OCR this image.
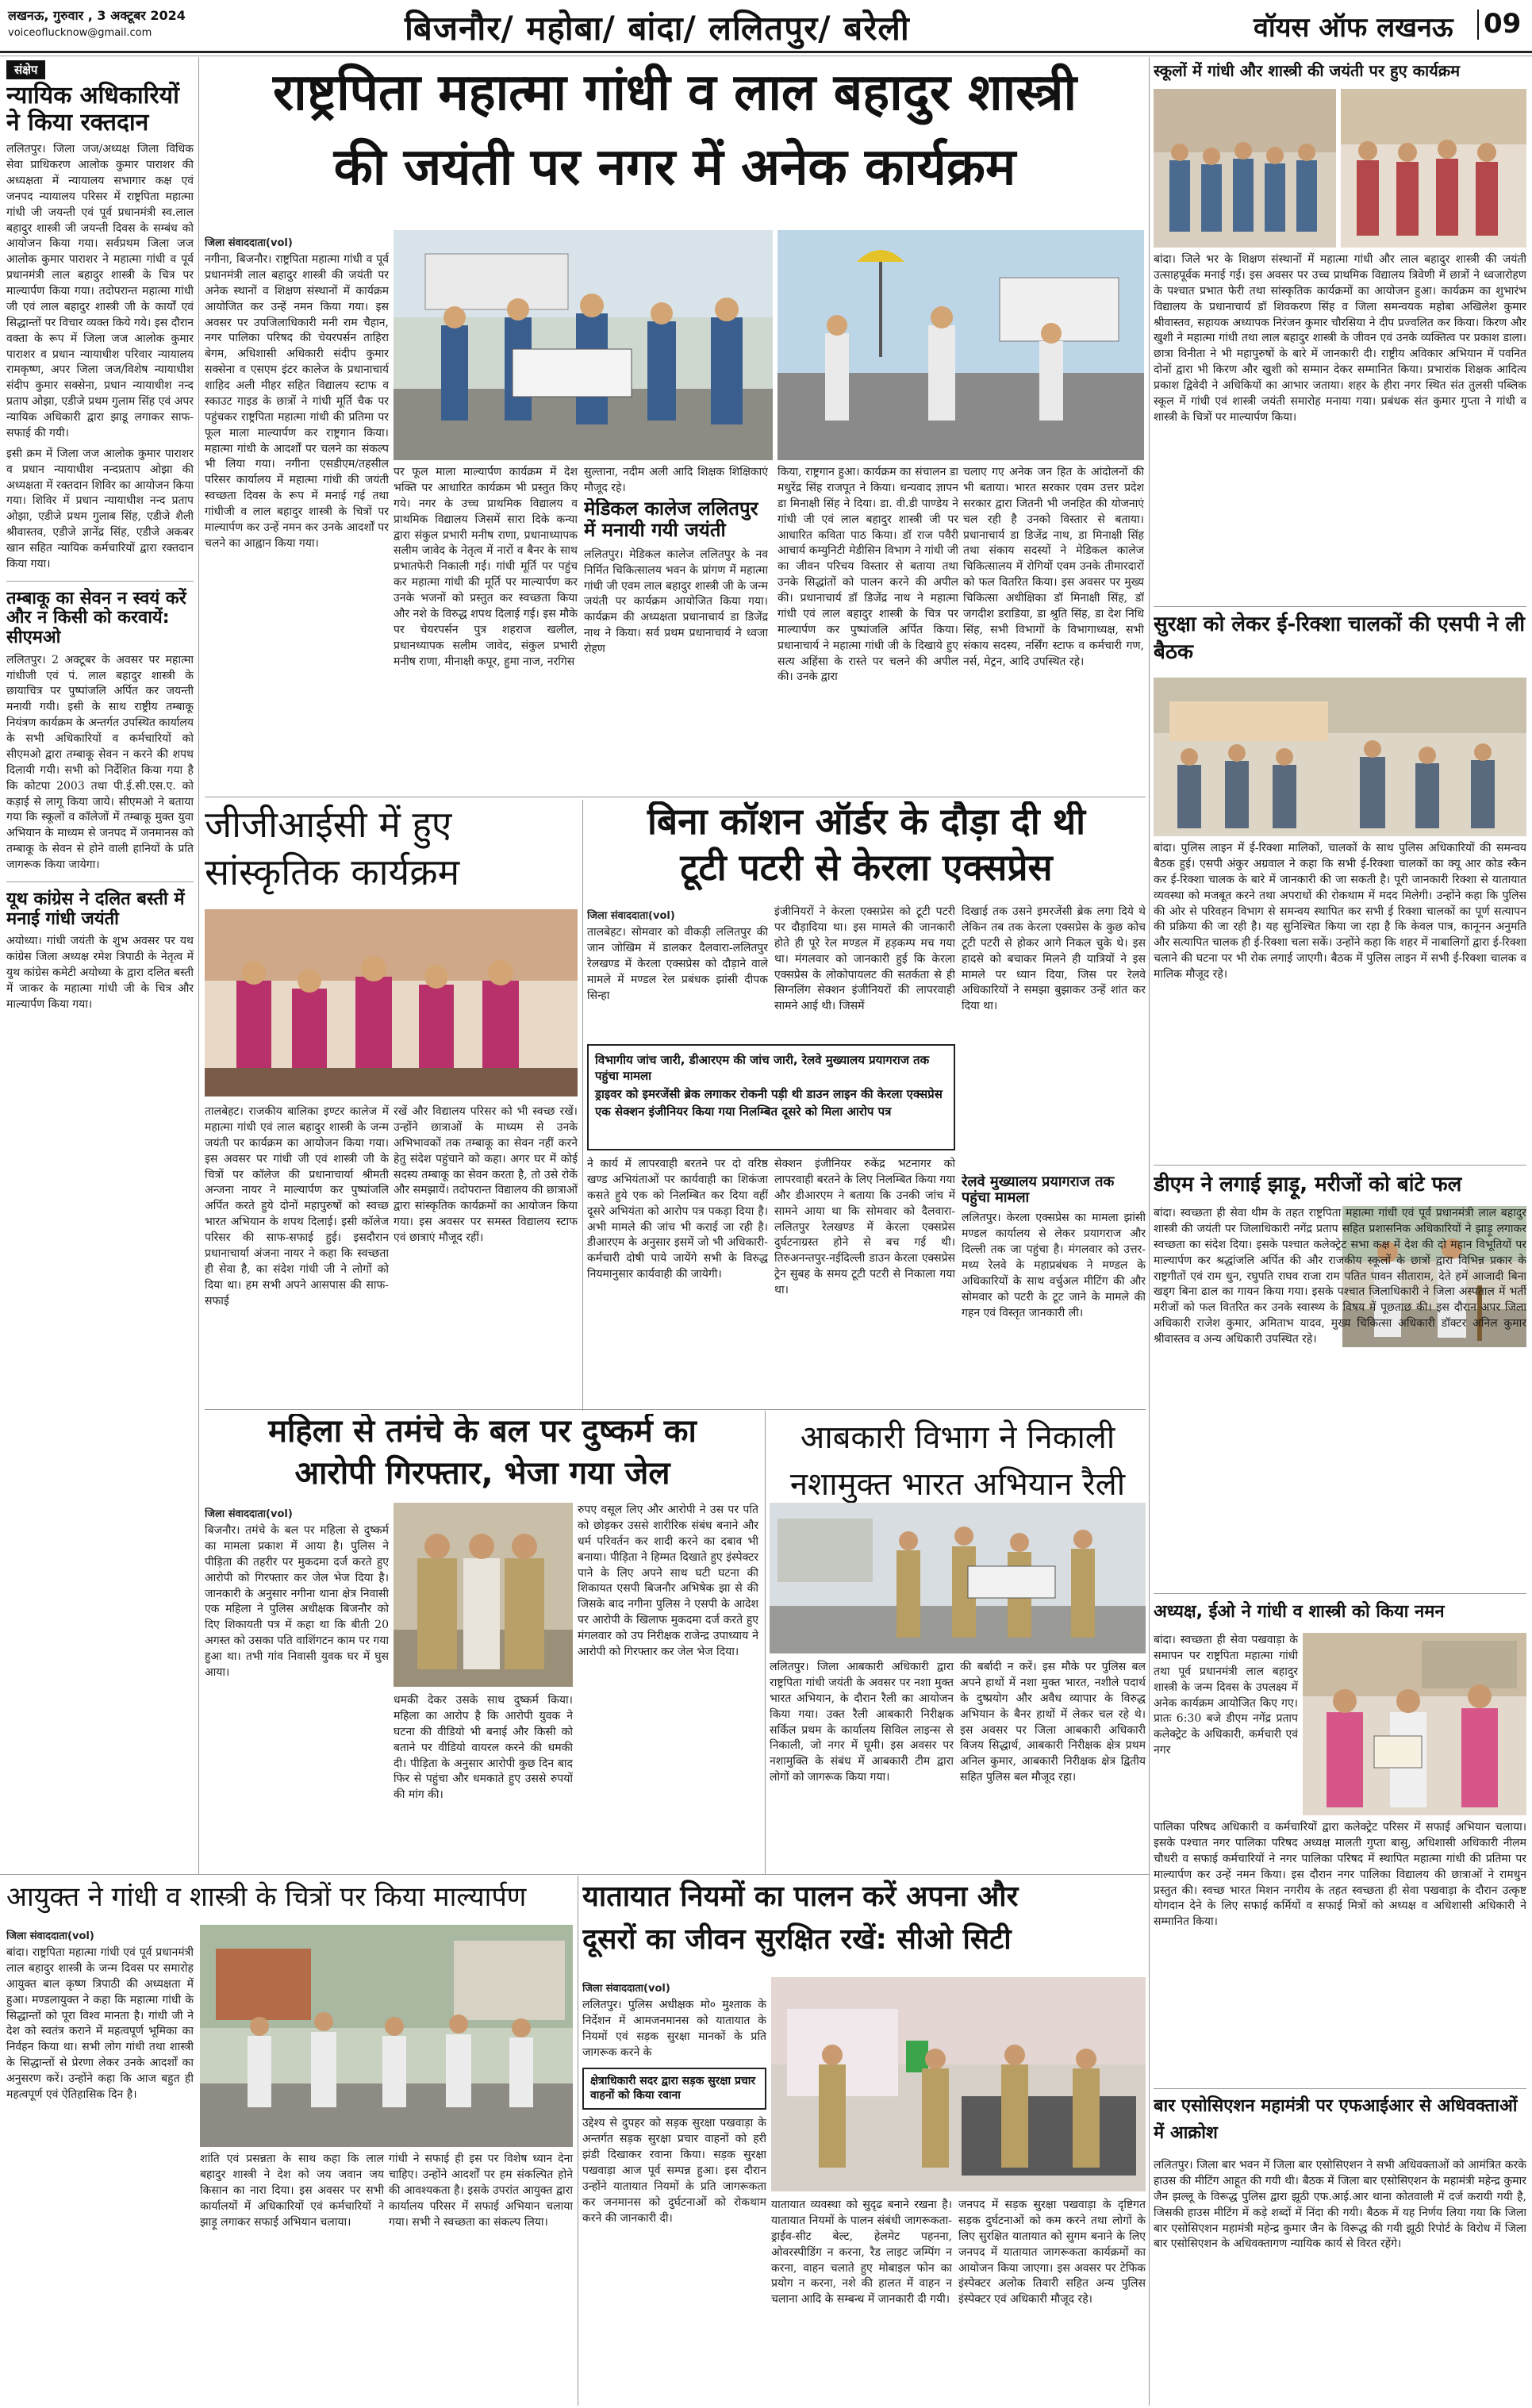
लखनऊ, गुरुवार , 3 अक्टूबर 2024
voiceoflucknow@gmail.com	बिजनौर/ महोबा/ बांदा/ ललितपुर/ बरेली	वॉयस ऑफ लखनऊ 09
संक्षेप
न्यायिक अधिकारियों ने किया रक्तदान
ललितपुर। जिला जज/अध्यक्ष जिला विधिक सेवा प्राधिकरण आलोक कुमार पाराशर की अध्यक्षता में न्यायालय सभागार कक्ष एवं जनपद न्यायालय परिसर में राष्ट्रपिता महात्मा गांधी जी जयन्ती एवं पूर्व प्रधानमंत्री स्व.लाल बहादुर शास्त्री जी जयन्ती दिवस के सम्बंध को आयोजन किया गया। सर्वप्रथम जिला जज आलोक कुमार पाराशर ने महात्मा गांधी व पूर्व प्रधानमंत्री लाल बहादुर शास्त्री के चित्र पर माल्यार्पण किया गया। तदोपरान्त महात्मा गांधी जी एवं लाल बहादुर शास्त्री जी के कार्यों एवं सिद्धान्तों पर विचार व्यक्त किये गये। इस दौरान वक्ता के रूप में जिला जज आलोक कुमार पाराशर व प्रधान न्यायाधीश परिवार न्यायालय रामकृष्ण, अपर जिला जज/विशेष न्यायाधीश संदीप कुमार सक्सेना, प्रधान न्यायाधीश नन्द प्रताप ओझा, एडीजे प्रथम गुलाम सिंह एवं अपर न्यायिक अधिकारी द्वारा झाडू लगाकर साफ-सफाई की गयी।
इसी क्रम में जिला जज आलोक कुमार पाराशर व प्रधान न्यायाधीश नन्दप्रताप ओझा की अध्यक्षता में रक्तदान शिविर का आयोजन किया गया। शिविर में प्रधान न्यायाधीश नन्द प्रताप ओझा, एडीजे प्रथम गुलाब सिंह, एडीजे शैली श्रीवास्तव, एडीजे ज्ञानेंद्र सिंह, एडीजे अकबर खान सहित न्यायिक कर्मचारियों द्वारा रक्तदान किया गया।
तम्बाकू का सेवन न स्वयं करें और न किसी को करवायें: सीएमओ
ललितपुर। 2 अक्टूबर के अवसर पर महात्मा गांधीजी एवं पं. लाल बहादुर शास्त्री के छायाचित्र पर पुष्पांजलि अर्पित कर जयन्ती मनायी गयी। इसी के साथ राष्ट्रीय तम्बाकू नियंत्रण कार्यक्रम के अन्तर्गत उपस्थित कार्यालय के सभी अधिकारियों व कर्मचारियों को सीएमओ द्वारा तम्बाकू सेवन न करने की शपथ दिलायी गयी। सभी को निर्देशित किया गया है कि कोटपा 2003 तथा पी.ई.सी.एस.ए. को कड़ाई से लागू किया जाये। सीएमओ ने बताया गया कि स्कूलों व कॉलेजों में तम्बाकू मुक्त युवा अभियान के माध्यम से जनपद में जनमानस को तम्बाकू के सेवन से होने वाली हानियों के प्रति जागरूक किया जायेगा।
यूथ कांग्रेस ने दलित बस्ती में मनाई गांधी जयंती
अयोध्या। गांधी जयंती के शुभ अवसर पर यथ कांग्रेस जिला अध्यक्ष रमेश त्रिपाठी के नेतृत्व में युथ कांग्रेस कमेटी अयोध्या के द्वारा दलित बस्ती में जाकर के महात्मा गांधी जी के चित्र और माल्यार्पण किया गया।
राष्ट्रपिता महात्मा गांधी व लाल बहादुर शास्त्री
की जयंती पर नगर में अनेक कार्यक्रम
जिला संवाददाता(vol)
नगीना, बिजनौर। राष्ट्रपिता महात्मा गांधी व पूर्व प्रधानमंत्री लाल बहादुर शास्त्री की जयंती पर अनेक स्थानों व शिक्षण संस्थानों में कार्यक्रम आयोजित कर उन्हें नमन किया गया। इस अवसर पर उपजिलाधिकारी मनी राम चैहान, नगर पालिका परिषद की चेयरपर्सन ताहिरा बेगम, अधिशासी अधिकारी संदीप कुमार सक्सेना व एसएम इंटर कालेज के प्रधानाचार्य शाहिद अली मीहर सहित विद्यालय स्टाफ व स्काउट गाइड के छात्रों ने गांधी मूर्ति चैक पर पहुंचकर राष्ट्रपिता महात्मा गांधी की प्रतिमा पर फूल माला माल्यार्पण कर राष्ट्रगान किया। महात्मा गांधी के आदर्शों पर चलने का संकल्प भी लिया गया। नगीना एसडीएम/तहसील परिसर कार्यालय में महात्मा गांधी की जयंती स्वच्छता दिवस के रूप में मनाई गई तथा गांधीजी व लाल बहादुर शास्त्री के चित्रों पर माल्यार्पण कर उन्हें नमन कर उनके आदर्शों पर चलने का आह्वान किया गया।
पर फूल माला माल्यार्पण कार्यक्रम में देश भक्ति पर आधारित कार्यक्रम भी प्रस्तुत किए गये। नगर के उच्च प्राथमिक विद्यालय व प्राथमिक विद्यालय जिसमें सारा दिके कन्या द्वारा संकुल प्रभारी मनीष राणा, प्रधानाध्यापक सलीम जावेद के नेतृत्व में नारों व बैनर के साथ प्रभातफेरी निकाली गई। गांधी मूर्ति पर पहुंच कर महात्मा गांधी की मूर्ति पर माल्यार्पण कर उनके भजनों को प्रस्तुत कर स्वच्छता किया और नशे के विरुद्ध शपथ दिलाई गई। इस मौके पर चेयरपर्सन पुत्र शहराज खलील, प्रधानध्यापक सलीम जावेद, संकुल प्रभारी मनीष राणा, मीनाक्षी कपूर, हुमा नाज, नरगिस
सुल्ताना, नदीम अली आदि शिक्षक शिक्षिकाएं मौजूद रहे।
मेडिकल कालेज ललितपुर में मनायी गयी जयंती
ललितपुर। मेडिकल कालेज ललितपुर के नव निर्मित चिकित्सालय भवन के प्रांगण में महात्मा गांधी जी एवम लाल बहादुर शास्त्री जी के जन्म जयंती पर कार्यक्रम आयोजित किया गया। कार्यक्रम की अध्यक्षता प्रधानाचार्य डा डिजेंद्र नाथ ने किया। सर्व प्रथम प्रधानाचार्य ने ध्वजा रोहण
किया, राष्ट्रगान हुआ। कार्यक्रम का संचालन डा मधुरेंद्र सिंह राजपूत ने किया। धन्यवाद ज्ञापन डा मिनाक्षी सिंह ने दिया। डा. वी.डी पाण्डेय ने गांधी जी एवं लाल बहादुर शास्त्री जी पर आधारित कविता पाठ किया। डॉ राज पवैरी आचार्य कम्युनिटी मेडीसिन विभाग ने गांधी जी का जीवन परिचय विस्तार से बताया तथा उनके सिद्धांतों को पालन करने की अपील की। प्रधानाचार्य डॉ डिजेंद्र नाथ ने महात्मा गांधी एवं लाल बहादुर शास्त्री के चित्र पर माल्यार्पण कर पुष्पांजलि अर्पित किया। प्रधानाचार्य ने महात्मा गांधी जी के दिखाये हुए सत्य अहिंसा के रास्ते पर चलने की अपील की। उनके द्वारा
चलाए गए अनेक जन हित के आंदोलनों की भी बताया। भारत सरकार एवम उत्तर प्रदेश सरकार द्वारा जितनी भी जनहित की योजनाएं चल रही है उनको विस्तार से बताया। प्रधानाचार्य डा डिजेंद्र नाथ, डा मिनाक्षी सिंह तथा संकाय सदस्यों ने मेडिकल कालेज चिकित्सालय में रोगियों एवम उनके तीमारदारों को फल वितरित किया। इस अवसर पर मुख्य चिकित्सा अधीक्षिका डॉ मिनाक्षी सिंह, डॉ जगदीश डराडिया, डा श्रुति सिंह, डा देश निधि सिंह, सभी विभागों के विभागाध्यक्ष, सभी संकाय सदस्य, नर्सिंग स्टाफ व कर्मचारी गण, नर्स, मेट्रन, आदि उपस्थित रहे।
जीजीआईसी में हुए सांस्कृतिक कार्यक्रम
तालबेहट। राजकीय बालिका इण्टर कालेज में महात्मा गांधी एवं लाल बहादुर शास्त्री के जन्म जयंती पर कार्यक्रम का आयोजन किया गया। इस अवसर पर गांधी जी एवं शास्त्री जी के चित्रों पर कॉलेज की प्रधानाचार्या श्रीमती अन्जना नायर ने माल्यार्पण कर पुष्पांजलि अर्पित करते हुये दोनों महापुरुषों को स्वच्छ भारत अभियान के शपथ दिलाई। इसी कॉलेज परिसर की साफ-सफाई हुई। इसदौरान प्रधानाचार्या अंजना नायर ने कहा कि स्वच्छता ही सेवा है, का संदेश गांधी जी ने लोगों को दिया था। हम सभी अपने आसपास की साफ-सफाई
रखें और विद्यालय परिसर को भी स्वच्छ रखें। उन्होंने छात्राओं के माध्यम से उनके अभिभावकों तक तम्बाकू का सेवन नहीं करने हेतु संदेश पहुंचाने को कहा। अगर घर में कोई सदस्य तम्बाकू का सेवन करता है, तो उसे रोकें और समझायें। तदोपरान्त विद्यालय की छात्राओं द्वारा सांस्कृतिक कार्यक्रमों का आयोजन किया गया। इस अवसर पर समस्त विद्यालय स्टाफ एवं छात्राएं मौजूद रहीं।
बिना कॉशन ऑर्डर के दौड़ा दी थी
टूटी पटरी से केरला एक्सप्रेस
जिला संवाददाता(vol)
तालबेहट। सोमवार को वीकड़ी ललितपुर की जान जोखिम में डालकर दैलवारा-ललितपुर रेलखण्ड में केरला एक्सप्रेस को दौड़ाने वाले मामले में मण्डल रेल प्रबंधक झांसी दीपक सिन्हा
इंजीनियरों ने केरला एक्सप्रेस को टूटी पटरी पर दौड़ादिया था। इस मामले की जानकारी होते ही पूरे रेल मण्डल में हड़कम्प मच गया था। मंगलवार को जानकारी हुई कि केरला एक्सप्रेस के लोकोपायलट की सतर्कता से ही सिग्नलिंग सेक्शन इंजीनियरों की लापरवाही सामने आई थी। जिसमें
दिखाई तक उसने इमरजेंसी ब्रेक लगा दिये थे लेकिन तब तक केरला एक्सप्रेस के कुछ कोच टूटी पटरी से होकर आगे निकल चुके थे। इस हादसे को बचाकर मिलने ही यात्रियों ने इस मामले पर ध्यान दिया, जिस पर रेलवे अधिकारियों ने समझा बुझाकर उन्हें शांत कर दिया था।
विभागीय जांच जारी, डीआरएम की जांच जारी, रेलवे मुख्यालय प्रयागराज तक पहुंचा मामला
ड्राइवर को इमरजेंसी ब्रेक लगाकर रोकनी पड़ी थी डाउन लाइन की केरला एक्सप्रेस
एक सेक्शन इंजीनियर किया गया निलम्बित दूसरे को मिला आरोप पत्र
ने कार्य में लापरवाही बरतने पर दो वरिष्ठ खण्ड अभियंताओं पर कार्यवाही का शिकंजा कसते हुये एक को निलम्बित कर दिया वहीं दूसरे अभियंता को आरोप पत्र पकड़ा दिया है। अभी मामले की जांच भी कराई जा रही है। डीआरएम के अनुसार इसमें जो भी अधिकारी-कर्मचारी दोषी पाये जायेंगे सभी के विरुद्ध नियमानुसार कार्यवाही की जायेगी।
सेक्शन इंजीनियर रुकेंद्र भटनागर को लापरवाही बरतने के लिए निलम्बित किया गया और डीआरएम ने बताया कि उनकी जांच में सामने आया था कि सोमवार को दैलवारा-ललितपुर रेलखण्ड में केरला एक्सप्रेस दुर्घटनाग्रस्त होने से बच गई थी। तिरुअनन्तपुर-नईदिल्ली डाउन केरला एक्सप्रेस ट्रेन सुबह के समय टूटी पटरी से निकाला गया था।
रेलवे मुख्यालय प्रयागराज तक पहुंचा मामला
ललितपुर। केरला एक्सप्रेस का मामला झांसी मण्डल कार्यालय से लेकर प्रयागराज और दिल्ली तक जा पहुंचा है। मंगलवार को उत्तर-मध्य रेलवे के महाप्रबंधक ने मण्डल के अधिकारियों के साथ वर्चुअल मीटिंग की और सोमवार को पटरी के टूट जाने के मामले की गहन एवं विस्तृत जानकारी ली।
महिला से तमंचे के बल पर दुष्कर्म का
आरोपी गिरफ्तार, भेजा गया जेल
जिला संवाददाता(vol)
बिजनौर। तमंचे के बल पर महिला से दुष्कर्म का मामला प्रकाश में आया है। पुलिस ने पीड़िता की तहरीर पर मुकदमा दर्ज करते हुए आरोपी को गिरफ्तार कर जेल भेज दिया है। जानकारी के अनुसार नगीना थाना क्षेत्र निवासी एक महिला ने पुलिस अधीक्षक बिजनौर को दिए शिकायती पत्र में कहा था कि बीती 20 अगस्त को उसका पति वाशिंगटन काम पर गया हुआ था। तभी गांव निवासी युवक घर में घुस आया।
रुपए वसूल लिए और आरोपी ने उस पर पति को छोड़कर उससे शारीरिक संबंध बनाने और धर्म परिवर्तन कर शादी करने का दबाव भी बनाया। पीड़िता ने हिम्मत दिखाते हुए इंस्पेक्टर पाने के लिए अपने साथ घटी घटना की शिकायत एसपी बिजनौर अभिषेक झा से की जिसके बाद नगीना पुलिस ने एसपी के आदेश पर आरोपी के खिलाफ मुकदमा दर्ज करते हुए मंगलवार को उप निरीक्षक राजेन्द्र उपाध्याय ने आरोपी को गिरफ्तार कर जेल भेज दिया।
धमकी देकर उसके साथ दुष्कर्म किया। महिला का आरोप है कि आरोपी युवक ने घटना की वीडियो भी बनाई और किसी को बताने पर वीडियो वायरल करने की धमकी दी। पीड़िता के अनुसार आरोपी कुछ दिन बाद फिर से पहुंचा और धमकाते हुए उससे रुपयों की मांग की।
आबकारी विभाग ने निकाली
नशामुक्त भारत अभियान रैली
ललितपुर। जिला आबकारी अधिकारी द्वारा राष्ट्रपिता गांधी जयंती के अवसर पर नशा मुक्त भारत अभियान, के दौरान रैली का आयोजन किया गया। उक्त रैली आबकारी निरीक्षक सर्किल प्रथम के कार्यालय सिविल लाइन्स से निकाली, जो नगर में घूमी। इस अवसर पर नशामुक्ति के संबंध में आबकारी टीम द्वारा लोगों को जागरूक किया गया।
की बर्बादी न करें। इस मौके पर पुलिस बल अपने हाथों में नशा मुक्त भारत, नशीले पदार्थ के दुष्प्रयोग और अवैध व्यापार के विरुद्ध अभियान के बैनर हाथों में लेकर चल रहे थे। इस अवसर पर जिला आबकारी अधिकारी विजय सिद्धार्थ, आबकारी निरीक्षक क्षेत्र प्रथम अनिल कुमार, आबकारी निरीक्षक क्षेत्र द्वितीय सहित पुलिस बल मौजूद रहा।
आयुक्त ने गांधी व शास्त्री के चित्रों पर किया माल्यार्पण
जिला संवाददाता(vol)
बांदा। राष्ट्रपिता महात्मा गांधी एवं पूर्व प्रधानमंत्री लाल बहादुर शास्त्री के जन्म दिवस पर समारोह आयुक्त बाल कृष्ण त्रिपाठी की अध्यक्षता में हुआ। मण्डलायुक्त ने कहा कि महात्मा गांधी के सिद्धान्तों को पूरा विश्व मानता है। गांधी जी ने देश को स्वतंत्र कराने में महत्वपूर्ण भूमिका का निर्वहन किया था। सभी लोग गांधी तथा शास्त्री के सिद्धान्तों से प्रेरणा लेकर उनके आदर्शों का अनुसरण करें। उन्होंने कहा कि आज बहुत ही महत्वपूर्ण एवं ऐतिहासिक दिन है।
शांति एवं प्रसन्नता के साथ कहा कि लाल बहादुर शास्त्री ने देश को जय जवान जय किसान का नारा दिया। इस अवसर पर सभी कार्यालयों में अधिकारियों एवं कर्मचारियों ने झाड़ू लगाकर सफाई अभियान चलाया।
गांधी ने सफाई ही इस पर विशेष ध्यान देना चाहिए। उन्होंने आदर्शों पर हम संकल्पित होने की आवश्यकता है। इसके उपरांत आयुक्त द्वारा कार्यालय परिसर में सफाई अभियान चलाया गया। सभी ने स्वच्छता का संकल्प लिया।
यातायात नियमों का पालन करें अपना और
दूसरों का जीवन सुरक्षित रखें: सीओ सिटी
जिला संवाददाता(vol)
ललितपुर। पुलिस अधीक्षक मो० मुश्ताक के निर्देशन में आमजनमानस को यातायात के नियमों एवं सड़क सुरक्षा मानकों के प्रति जागरूक करने के
क्षेत्राधिकारी सदर द्वारा सड़क सुरक्षा प्रचार वाहनों को किया रवाना
उद्देश्य से दुपहर को सड़क सुरक्षा पखवाड़ा के अन्तर्गत सड़क सुरक्षा प्रचार वाहनों को हरी झंडी दिखाकर रवाना किया। सड़क सुरक्षा पखवाड़ा आज पूर्व सम्पन्न हुआ। इस दौरान उन्होंने यातायात नियमों के प्रति जागरूकता कर जनमानस को दुर्घटनाओं को रोकथाम करने की जानकारी दी।
यातायात व्यवस्था को सुदृढ बनाने रखना है। यातायात नियमों के पालन संबंधी जागरूकता-ड्राईव-सीट बेल्ट, हेलमेट पहनना, ओवरस्पीडिंग न करना, रैड लाइट जम्पिंग न करना, वाहन चलाते हुए मोबाइल फोन का प्रयोग न करना, नशे की हालत में वाहन न चलाना आदि के सम्बन्ध में जानकारी दी गयी।
जनपद में सड़क सुरक्षा पखवाड़ा के दृष्टिगत सड़क दुर्घटनाओं को कम करने तथा लोगों के लिए सुरक्षित यातायात को सुगम बनाने के लिए जनपद में यातायात जागरूकता कार्यक्रमों का आयोजन किया जाएगा। इस अवसर पर टेफिक इंस्पेक्टर अलोक तिवारी सहित अन्य पुलिस इंस्पेक्टर एवं अधिकारी मौजूद रहे।
स्कूलों में गांधी और शास्त्री की जयंती पर हुए कार्यक्रम
बांदा। जिले भर के शिक्षण संस्थानों में महात्मा गांधी और लाल बहादुर शास्त्री की जयंती उत्साहपूर्वक मनाई गई। इस अवसर पर उच्च प्राथमिक विद्यालय त्रिवेणी में छात्रों ने ध्वजारोहण के पश्चात प्रभात फेरी तथा सांस्कृतिक कार्यक्रमों का आयोजन हुआ। कार्यक्रम का शुभारंभ विद्यालय के प्रधानाचार्य डॉ शिवकरण सिंह व जिला समन्वयक महोबा अखिलेश कुमार श्रीवास्तव, सहायक अध्यापक निरंजन कुमार चौरसिया ने दीप प्रज्वलित कर किया। किरण और खुशी ने महात्मा गांधी तथा लाल बहादुर शास्त्री के जीवन एवं उनके व्यक्तित्व पर प्रकाश डाला। छात्रा विनीता ने भी महापुरुषों के बारे में जानकारी दी। राष्ट्रीय अविकार अभियान में पवनित दोनों द्वारा भी किरण और खुशी को सम्मान देकर सम्मानित किया। प्रभारांक शिक्षक आदित्य प्रकाश द्विवेदी ने अधिकियों का आभार जताया। शहर के हीरा नगर स्थित संत तुलसी पब्लिक स्कूल में गांधी एवं शास्त्री जयंती समारोह मनाया गया। प्रबंधक संत कुमार गुप्ता ने गांधी व शास्त्री के चित्रों पर माल्यार्पण किया।
सुरक्षा को लेकर ई-रिक्शा चालकों की एसपी ने ली बैठक
बांदा। पुलिस लाइन में ई-रिक्शा मालिकों, चालकों के साथ पुलिस अधिकारियों की समन्वय बैठक हुई। एसपी अंकुर अग्रवाल ने कहा कि सभी ई-रिक्शा चालकों का क्यू आर कोड स्कैन कर ई-रिक्शा चालक के बारे में जानकारी की जा सकती है। पूरी जानकारी रिक्शा से यातायात व्यवस्था को मजबूत करने तथा अपराधों की रोकथाम में मदद मिलेगी। उन्होंने कहा कि पुलिस की ओर से परिवहन विभाग से समन्वय स्थापित कर सभी ई रिक्शा चालकों का पूर्ण सत्यापन की प्रक्रिया की जा रही है। यह सुनिश्चित किया जा रहा है कि केवल पात्र, कानूनन अनुमति और सत्यापित चालक ही ई-रिक्शा चला सकें। उन्होंने कहा कि शहर में नाबालिगों द्वारा ई-रिक्शा चलाने की घटना पर भी रोक लगाई जाएगी। बैठक में पुलिस लाइन में सभी ई-रिक्शा चालक व मालिक मौजूद रहे।
डीएम ने लगाई झाड़ू, मरीजों को बांटे फल
बांदा। स्वच्छता ही सेवा थीम के तहत राष्ट्रपिता महात्मा गांधी एवं पूर्व प्रधानमंत्री लाल बहादुर शास्त्री की जयंती पर जिलाधिकारी नगेंद्र प्रताप सहित प्रशासनिक अधिकारियों ने झाड़ू लगाकर स्वच्छता का संदेश दिया। इसके पश्चात कलेक्ट्रेट सभा कक्ष में देश की दो महान विभूतियों पर माल्यार्पण कर श्रद्धांजलि अर्पित की और राजकीय स्कूलों के छात्रों द्वारा विभिन्न प्रकार के राष्ट्रगीतों एवं राम धुन, रघुपति राघव राजा राम पतित पावन सीताराम, देते हमें आजादी बिना खड्ग बिना ढाल का गायन किया गया। इसके पश्चात जिलाधिकारी ने जिला अस्पताल में भर्ती मरीजों को फल वितरित कर उनके स्वास्थ्य के विषय में पूछताछ की। इस दौरान अपर जिला अधिकारी राजेश कुमार, अमिताभ यादव, मुख्य चिकित्सा अधिकारी डॉक्टर अनिल कुमार श्रीवास्तव व अन्य अधिकारी उपस्थित रहे।
अध्यक्ष, ईओ ने गांधी व शास्त्री को किया नमन
बांदा। स्वच्छता ही सेवा पखवाड़ा के समापन पर राष्ट्रपिता महात्मा गांधी तथा पूर्व प्रधानमंत्री लाल बहादुर शास्त्री के जन्म दिवस के उपलक्ष्य में अनेक कार्यक्रम आयोजित किए गए। प्रातः 6:30 बजे डीएम नगेंद्र प्रताप कलेक्ट्रेट के अधिकारी, कर्मचारी एवं नगर
पालिका परिषद अधिकारी व कर्मचारियों द्वारा कलेक्ट्रेट परिसर में सफाई अभियान चलाया। इसके पश्चात नगर पालिका परिषद अध्यक्ष मालती गुप्ता बासु, अधिशासी अधिकारी नीलम चौधरी व सफाई कर्मचारियों ने नगर पालिका परिषद में स्थापित महात्मा गांधी की प्रतिमा पर माल्यार्पण कर उन्हें नमन किया। इस दौरान नगर पालिका विद्यालय की छात्राओं ने रामधुन प्रस्तुत की। स्वच्छ भारत मिशन नगरीय के तहत स्वच्छता ही सेवा पखवाड़ा के दौरान उत्कृष्ट योगदान देने के लिए सफाई कर्मियों व सफाई मित्रों को अध्यक्ष व अधिशासी अधिकारी ने सम्मानित किया।
बार एसोसिएशन महामंत्री पर एफआईआर से अधिवक्ताओं में आक्रोश
ललितपुर। जिला बार भवन में जिला बार एसोसिएशन ने सभी अधिवक्ताओं को आमंत्रित करके हाउस की मीटिंग आहूत की गयी थी। बैठक में जिला बार एसोसिएशन के महामंत्री महेन्द्र कुमार जैन झल्लू के विरूद्ध पुलिस द्वारा झूठी एफ.आई.आर थाना कोतवाली में दर्ज करायी गयी है, जिसकी हाउस मीटिंग में कड़े शब्दों में निंदा की गयी। बैठक में यह निर्णय लिया गया कि जिला बार एसोसिएशन महामंत्री महेन्द्र कुमार जैन के विरूद्ध की गयी झूठी रिपोर्ट के विरोध में जिला बार एसोसिएशन के अधिवक्तागण न्यायिक कार्य से विरत रहेंगे।
